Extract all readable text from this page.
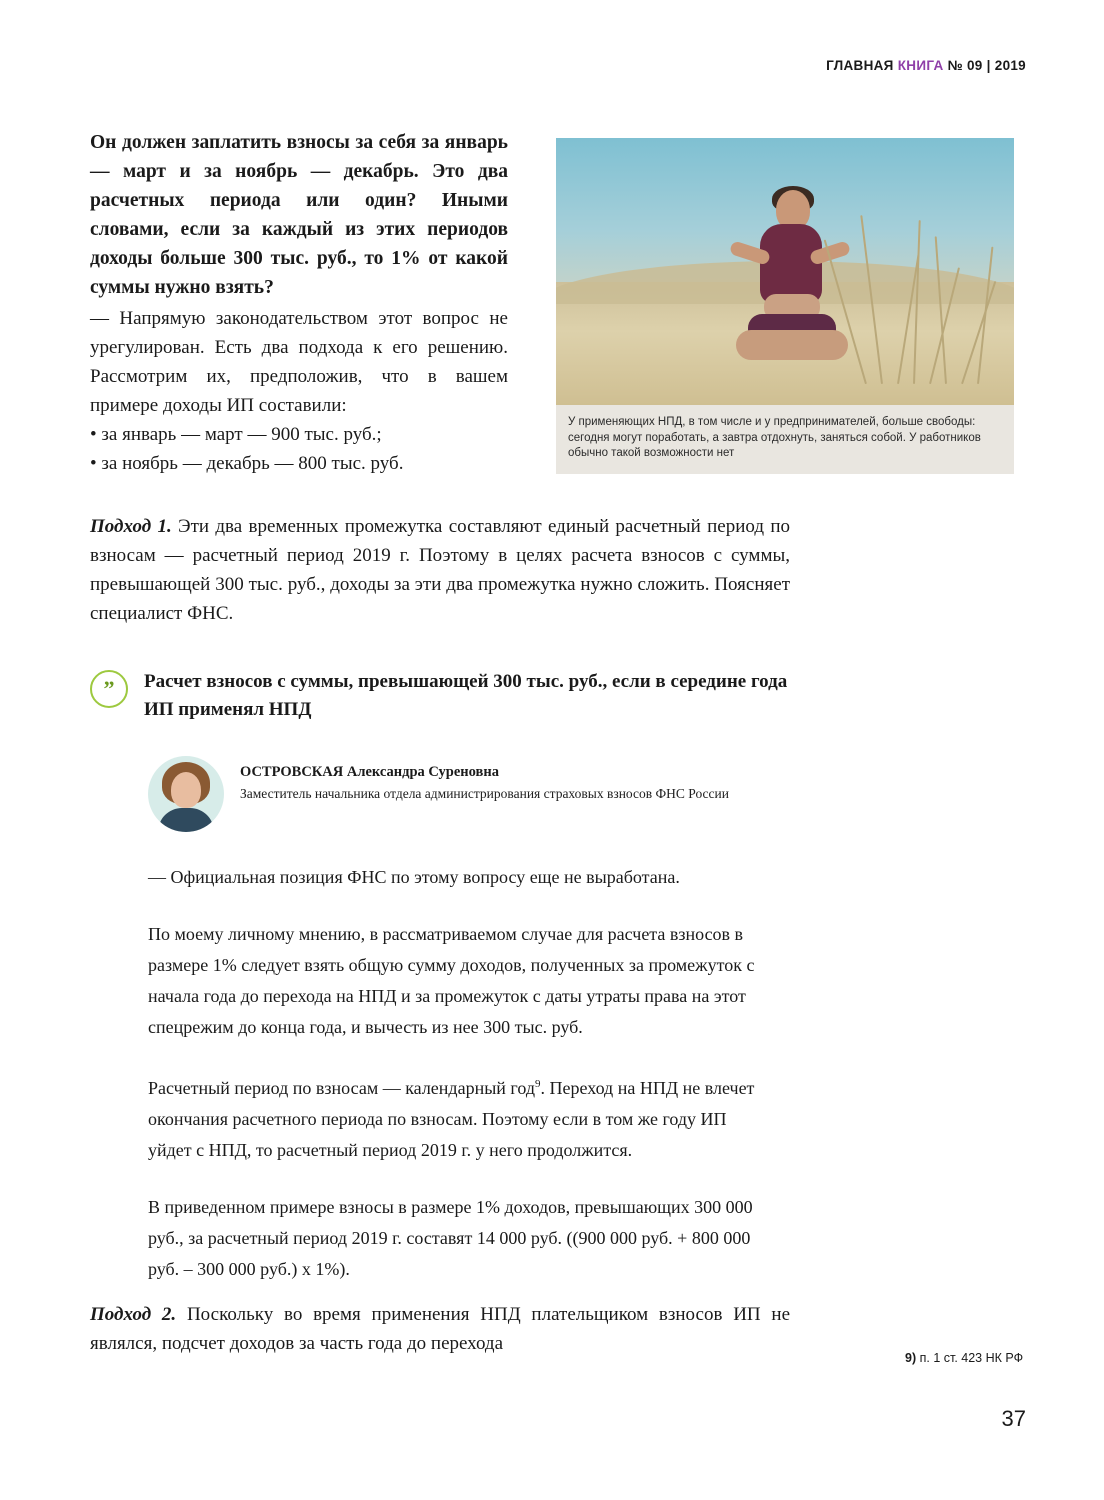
ГЛАВНАЯ КНИГА № 09 | 2019

Он должен заплатить взносы за себя за январь — март и за ноябрь — декабрь. Это два расчетных периода или один? Иными словами, если за каждый из этих периодов доходы больше 300 тыс. руб., то 1% от какой суммы нужно взять?

— Напрямую законодательством этот вопрос не урегулирован. Есть два подхода к его решению. Рассмотрим их, предположив, что в вашем примере доходы ИП составили:

• за январь — март — 900 тыс. руб.;
• за ноябрь — декабрь — 800 тыс. руб.
У применяющих НПД, в том числе и у предпринимателей, больше свободы: сегодня могут поработать, а завтра отдохнуть, заняться собой. У работников обычно такой возможности нет

Подход 1. Эти два временных промежутка составляют единый расчетный период по взносам — расчетный период 2019 г. Поэтому в целях расчета взносов с суммы, превышающей 300 тыс. руб., доходы за эти два промежутка нужно сложить. Поясняет специалист ФНС.

”	Расчет взносов с суммы, превышающей 300 тыс. руб., если в середине года ИП применял НПД
ОСТРОВСКАЯ Александра Суреновна
Заместитель начальника отдела администрирования страховых взносов ФНС России

— Официальная позиция ФНС по этому вопросу еще не выработана.

По моему личному мнению, в рассматриваемом случае для расчета взносов в размере 1% следует взять общую сумму доходов, полученных за промежуток с начала года до перехода на НПД и за промежуток с даты утраты права на этот спецрежим до конца года, и вычесть из нее 300 тыс. руб.

Расчетный период по взносам — календарный год$^9$. Переход на НПД не влечет окончания расчетного периода по взносам. Поэтому если в том же году ИП уйдет с НПД, то расчетный период 2019 г. у него продолжится.

В приведенном примере взносы в размере 1% доходов, превышающих 300 000 руб., за расчетный период 2019 г. составят 14 000 руб. ((900 000 руб. + 800 000 руб. – 300 000 руб.) х 1%).

Подход 2. Поскольку во время применения НПД плательщиком взносов ИП не являлся, подсчет доходов за часть года до перехода

9) п. 1 ст. 423 НК РФ
37
